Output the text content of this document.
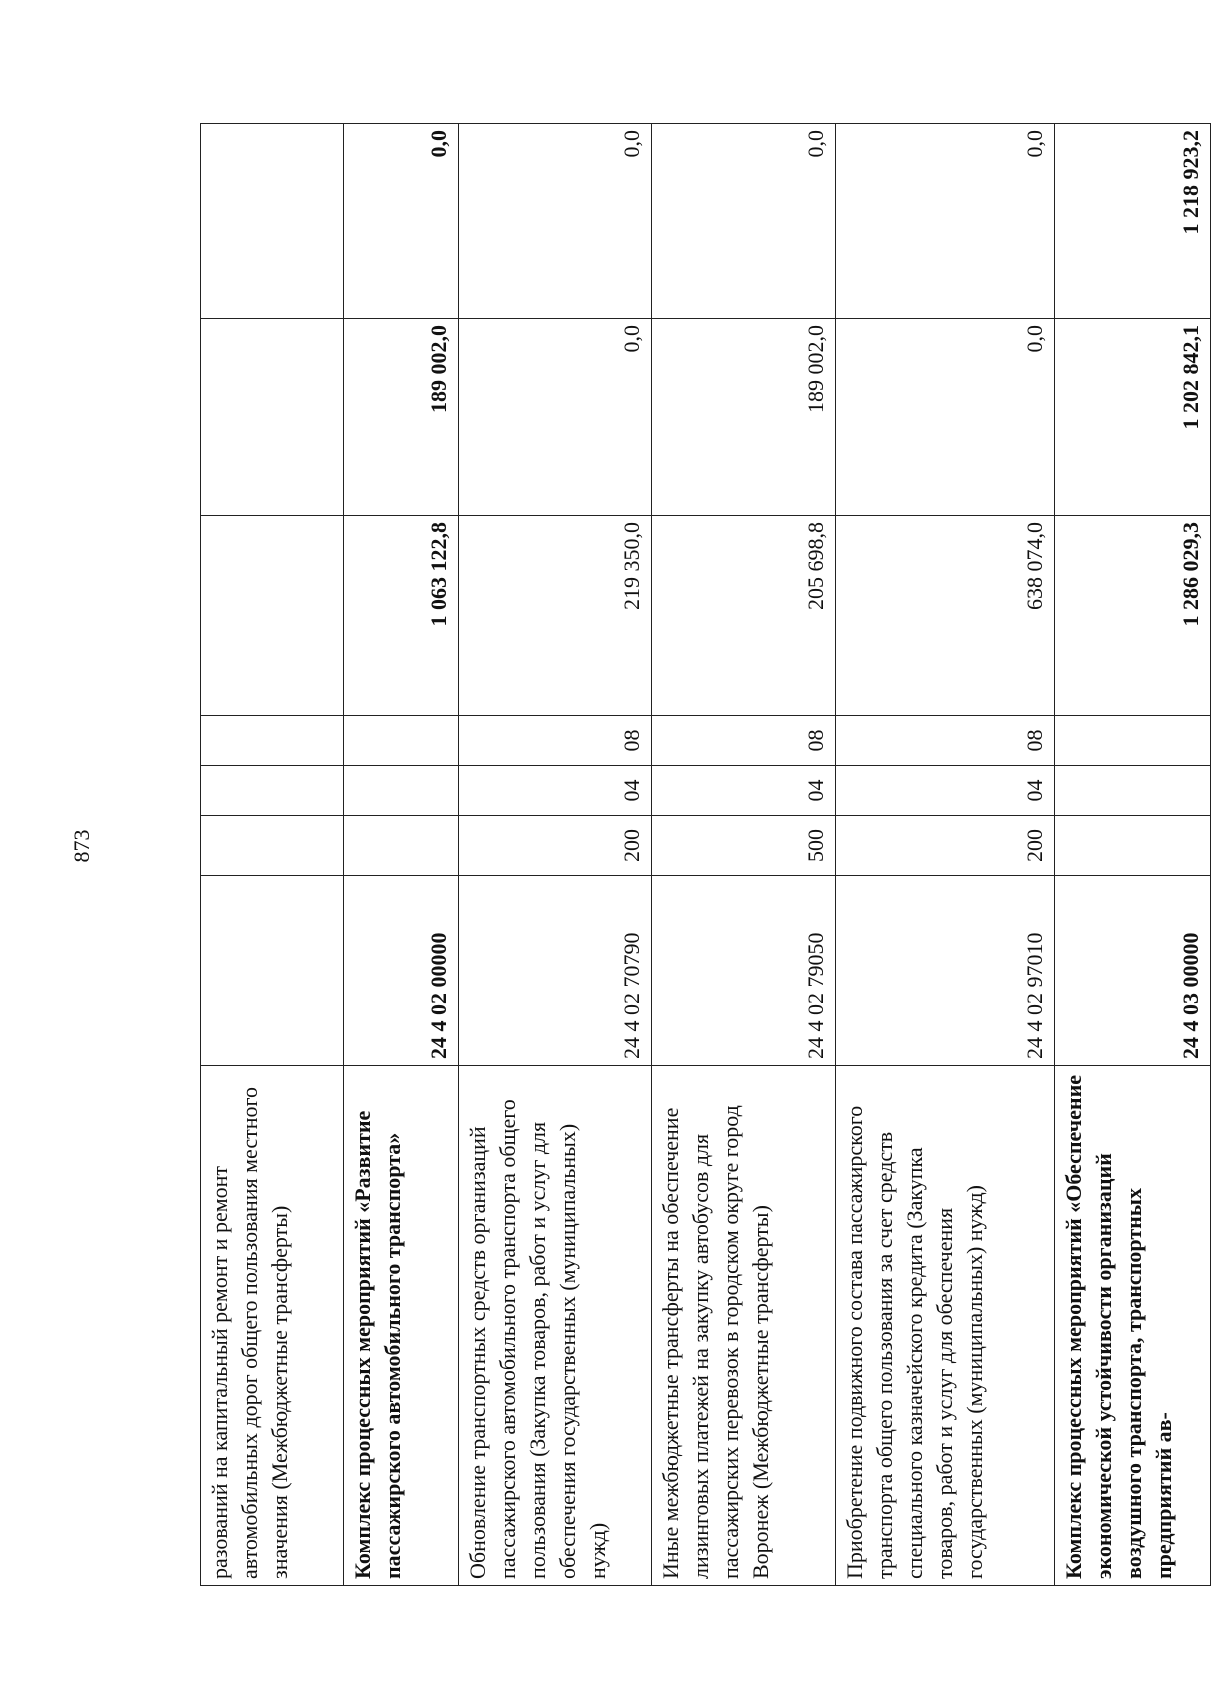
873
разований на капитальный ремонт и ремонт автомобильных дорог общего пользования местного значения (Межбюджетные трансферты)							
Комплекс процессных мероприятий «Развитие пассажирского автомобильного транспорта»	24 4 02 00000				1 063 122,8	189 002,0	0,0
Обновление транспортных средств организаций пассажирского автомобильного транспорта общего пользования (Закупка товаров, работ и услуг для обеспечения государственных (муниципальных) нужд)	24 4 02 70790	200	04	08	219 350,0	0,0	0,0
Иные межбюджетные трансферты на обеспечение лизинговых платежей на закупку автобусов для пассажирских перевозок в городском округе город Воронеж (Межбюджетные трансферты)	24 4 02 79050	500	04	08	205 698,8	189 002,0	0,0
Приобретение подвижного состава пассажирского транспорта общего пользования за счет средств специального казначейского кредита (Закупка товаров, работ и услуг для обеспечения государственных (муниципальных) нужд)	24 4 02 97010	200	04	08	638 074,0	0,0	0,0
Комплекс процессных мероприятий «Обеспечение экономической устойчивости организаций воздушного транспорта, транспортных предприятий ав-	24 4 03 00000				1 286 029,3	1 202 842,1	1 218 923,2
